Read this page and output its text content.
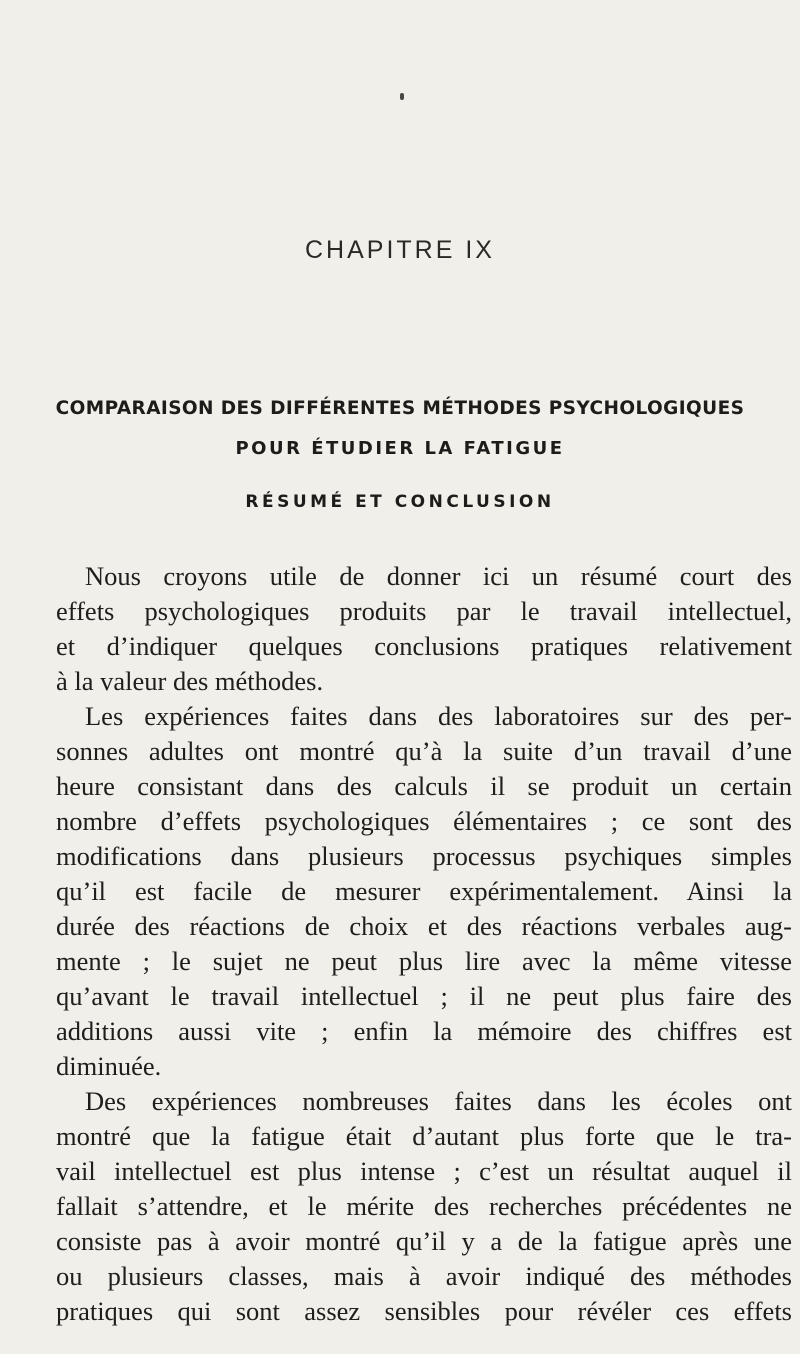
CHAPITRE IX
COMPARAISON DES DIFFÉRENTES MÉTHODES PSYCHOLOGIQUES
POUR ÉTUDIER LA FATIGUE
RÉSUMÉ ET CONCLUSION
Nous croyons utile de donner ici un résumé court des
effets psychologiques produits par le travail intellectuel,
et d’indiquer quelques conclusions pratiques relativement
à la valeur des méthodes.
Les expériences faites dans des laboratoires sur des per-
sonnes adultes ont montré qu’à la suite d’un travail d’une
heure consistant dans des calculs il se produit un certain
nombre d’effets psychologiques élémentaires ; ce sont des
modifications dans plusieurs processus psychiques simples
qu’il est facile de mesurer expérimentalement. Ainsi la
durée des réactions de choix et des réactions verbales aug-
mente ; le sujet ne peut plus lire avec la même vitesse
qu’avant le travail intellectuel ; il ne peut plus faire des
additions aussi vite ; enfin la mémoire des chiffres est
diminuée.
Des expériences nombreuses faites dans les écoles ont
montré que la fatigue était d’autant plus forte que le tra-
vail intellectuel est plus intense ; c’est un résultat auquel il
fallait s’attendre, et le mérite des recherches précédentes ne
consiste pas à avoir montré qu’il y a de la fatigue après une
ou plusieurs classes, mais à avoir indiqué des méthodes
pratiques qui sont assez sensibles pour révéler ces effets
